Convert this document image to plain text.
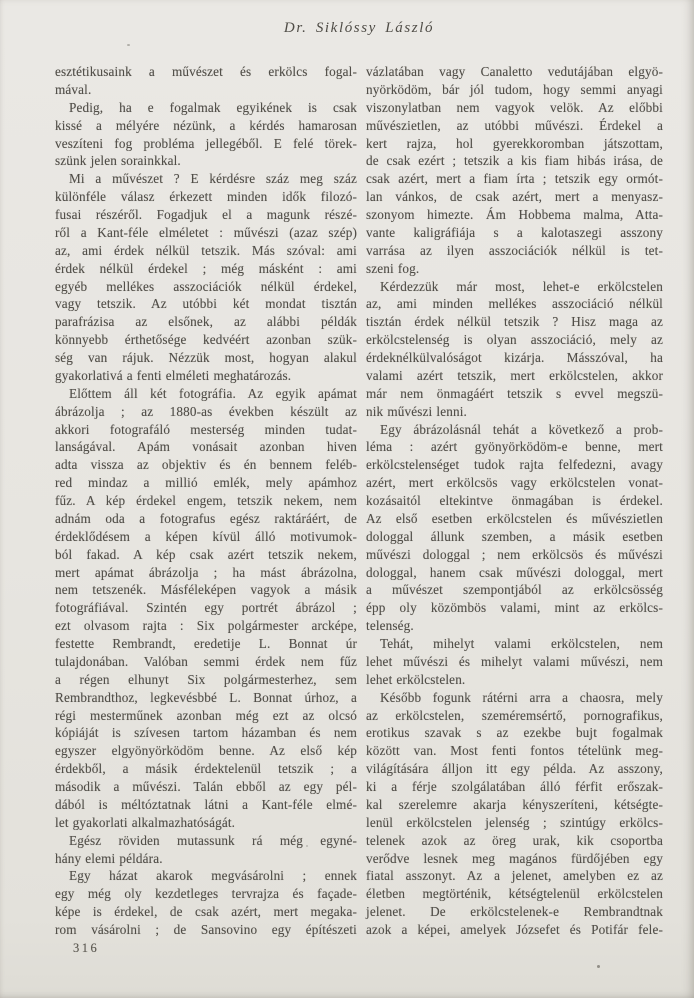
Dr. Siklóssy László
esztétikusaink a művészet és erkölcs fogal-
mával.
Pedig, ha e fogalmak egyikének is csak
kissé a mélyére nézünk, a kérdés hamarosan
veszíteni fog probléma jellegéből. E felé törek-
szünk jelen sorainkkal.
Mi a művészet ? E kérdésre száz meg száz
különféle válasz érkezett minden idők filozó-
fusai részéről. Fogadjuk el a magunk részé-
ről a Kant-féle elméletet : művészi (azaz szép)
az, ami érdek nélkül tetszik. Más szóval: ami
érdek nélkül érdekel ; még másként : ami
egyéb mellékes asszociációk nélkül érdekel,
vagy tetszik. Az utóbbi két mondat tisztán
parafrázisa az elsőnek, az alábbi példák
könnyebb érthetősége kedvéért azonban szük-
ség van rájuk. Nézzük most, hogyan alakul
gyakorlativá a fenti elméleti meghatározás.
Előttem áll két fotográfia. Az egyik apámat
ábrázolja ; az 1880-as években készült az
akkori fotografáló mesterség minden tudat-
lanságával. Apám vonásait azonban hiven
adta vissza az objektiv és én bennem feléb-
red mindaz a millió emlék, mely apámhoz
fűz. A kép érdekel engem, tetszik nekem, nem
adnám oda a fotografus egész raktáráért, de
érdeklődésem a képen kívül álló motivumok-
ból fakad. A kép csak azért tetszik nekem,
mert apámat ábrázolja ; ha mást ábrázolna,
nem tetszenék. Másféleképen vagyok a másik
fotográfiával. Szintén egy portrét ábrázol ;
ezt olvasom rajta : Six polgármester arcképe,
festette Rembrandt, eredetije L. Bonnat úr
tulajdonában. Valóban semmi érdek nem fűz
a régen elhunyt Six polgármesterhez, sem
Rembrandthoz, legkevésbbé L. Bonnat úrhoz, a
régi mesterműnek azonban még ezt az olcsó
kópiáját is szívesen tartom házamban és nem
egyszer elgyönyörködöm benne. Az első kép
érdekből, a másik érdektelenül tetszik ; a
második a művészi. Talán ebből az egy pél-
dából is méltóztatnak látni a Kant-féle elmé-
let gyakorlati alkalmazhatóságát.
Egész röviden mutassunk rá még egyné-
hány elemi példára.
Egy házat akarok megvásárolni ; ennek
egy még oly kezdetleges tervrajza és façade-
képe is érdekel, de csak azért, mert megaka-
rom vásárolni ; de Sansovino egy építészeti
vázlatában vagy Canaletto vedutájában elgyö-
nyörködöm, bár jól tudom, hogy semmi anyagi
viszonylatban nem vagyok velök. Az előbbi
művészietlen, az utóbbi művészi. Érdekel a
kert rajza, hol gyerekkoromban játszottam,
de csak ezért ; tetszik a kis fiam hibás irása, de
csak azért, mert a fiam írta ; tetszik egy ormót-
lan vánkos, de csak azért, mert a menyasz-
szonyom himezte. Ám Hobbema malma, Atta-
vante kaligráfiája s a kalotaszegi asszony
varrása az ilyen asszociációk nélkül is tet-
szeni fog.
Kérdezzük már most, lehet-e erkölcstelen
az, ami minden mellékes asszociáció nélkül
tisztán érdek nélkül tetszik ? Hisz maga az
erkölcstelenség is olyan asszociáció, mely az
érdeknélkülvalóságot kizárja. Másszóval, ha
valami azért tetszik, mert erkölcstelen, akkor
már nem önmagáért tetszik s evvel megszü-
nik művészi lenni.
Egy ábrázolásnál tehát a következő a prob-
léma : azért gyönyörködöm-e benne, mert
erkölcstelenséget tudok rajta felfedezni, avagy
azért, mert erkölcsös vagy erkölcstelen vonat-
kozásaitól eltekintve önmagában is érdekel.
Az első esetben erkölcstelen és művészietlen
dologgal állunk szemben, a másik esetben
művészi dologgal ; nem erkölcsös és művészi
dologgal, hanem csak művészi dologgal, mert
a művészet szempontjából az erkölcsösség
épp oly közömbös valami, mint az erkölcs-
telenség.
Tehát, mihelyt valami erkölcstelen, nem
lehet művészi és mihelyt valami művészi, nem
lehet erkölcstelen.
Később fogunk rátérni arra a chaosra, mely
az erkölcstelen, szeméremsértő, pornografikus,
erotikus szavak s az ezekbe bujt fogalmak
között van. Most fenti fontos tételünk meg-
világítására álljon itt egy példa. Az asszony,
ki a férje szolgálatában álló férfit erőszak-
kal szerelemre akarja kényszeríteni, kétségte-
lenül erkölcstelen jelenség ; szintúgy erkölcs-
telenek azok az öreg urak, kik csoportba
verődve lesnek meg magános fürdőjében egy
fiatal asszonyt. Az a jelenet, amelyben ez az
életben megtörténik, kétségtelenül erkölcstelen
jelenet. De erkölcstelenek-e Rembrandtnak
azok a képei, amelyek Józsefet és Potifár fele-
316
